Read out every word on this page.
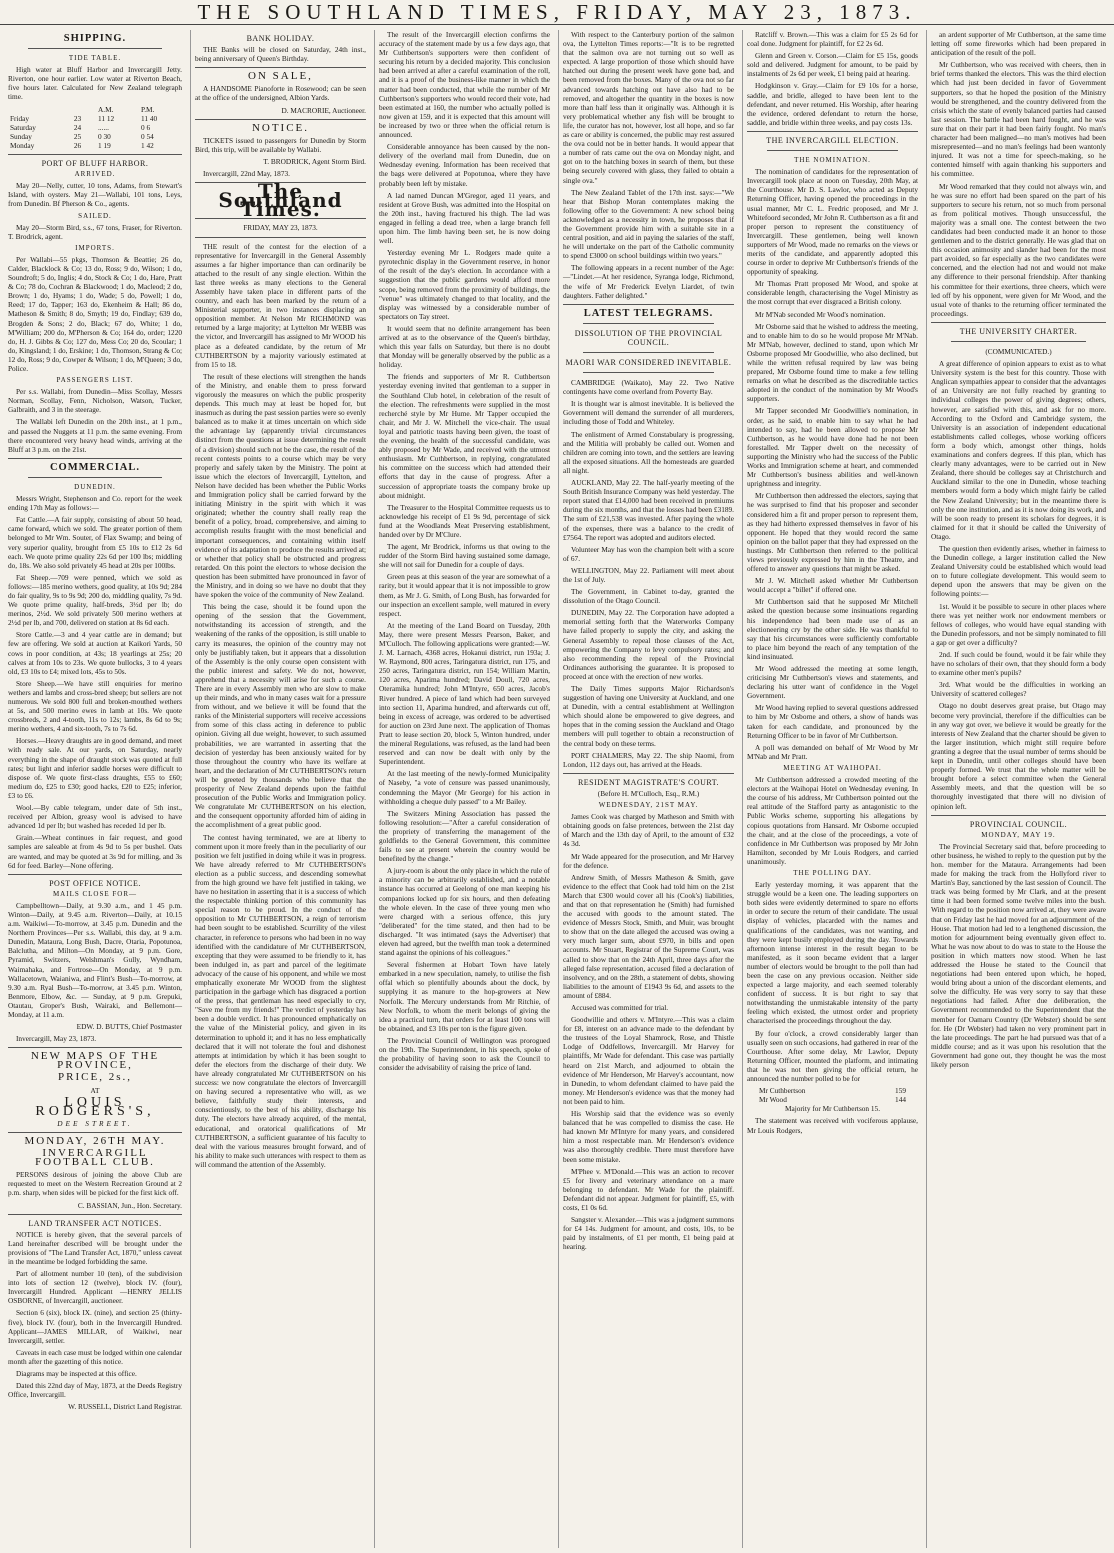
THE SOUTHLAND TIMES, FRIDAY, MAY 23, 1873.
SHIPPING.
TIDE TABLE.

High water at Bluff Harbor and Invercargill Jetty. Riverton, one hour earlier. Low water at Riverton Beach, five hours later. Calculated for New Zealand telegraph time.

		A.M.	P.M.
Friday	23	11 12	11 40
Saturday	24	......	0 6
Sunday	25	0 30	0 54
Monday	26	1 19	1 42
PORT OF BLUFF HARBOR.
ARRIVED.

May 20—Nelly, cutter, 10 tons, Adams, from Stewart's Island, with oysters. May 21—Wallabi, 101 tons, Leys, from Dunedin. Bf Pherson & Co., agents.

SAILED.

May 20—Storm Bird, s.s., 67 tons, Fraser, for Riverton. T. Brodrick, agent.

IMPORTS.

Per Wallabi—55 pkgs, Thomson & Beattie; 26 do, Calder, Blacklock & Co; 13 do, Ross; 9 do, Wilson; 1 do, Soundroft; 5 do, Inglis; 4 do, Stock & Co; 1 do, Hare, Pratt & Co; 78 do, Cochran & Blackwood; 1 do, Macleod; 2 do, Brown; 1 do, Hyams; 1 do, Wade; 5 do, Powell; 1 do, Reed; 17 do, Tapper; 163 do, Ekenheim & Hall; 86 do, Matheson & Smith; 8 do, Smyth; 19 do, Findlay; 639 do, Brogden & Sons; 2 do, Black; 67 do, White; 1 do, M'William; 200 do, M'Pherson & Co; 164 do, order; 1220 do, H. J. Gibbs & Co; 127 do, Mess Co; 20 do, Scoular; 1 do, Kingsland; 1 do, Erskine; 1 do, Thomson, Strang & Co; 12 do, Ross; 9 do, Cowper & Wilson; 1 do, M'Queen; 3 do, Police.

PASSENGERS LIST.

Per s.s. Wallabi, from Dunedin—Miss Scollay, Messrs Norman, Scollay, Fenn, Nicholson, Watson, Tucker, Galbraith, and 3 in the steerage.

The Wallabi left Dunedin on the 20th inst., at 1 p.m., and passed the Nuggets at 11 p.m. the same evening. From there encountered very heavy head winds, arriving at the Bluff at 3 p.m. on the 21st.

COMMERCIAL.
DUNEDIN.

Messrs Wright, Stephenson and Co. report for the week ending 17th May as follows:—

Fat Cattle.—A fair supply, consisting of about 50 head, came forward, which we sold. The greater portion of them belonged to Mr Wm. Souter, of Flax Swamp; and being of very superior quality, brought from £5 10s to £12 2s 6d each. We quote prime quality 22s 6d per 100 lbs; middling do, 18s. We also sold privately 45 head at 20s per 100lbs.

Fat Sheep.—709 were penned, which we sold as follows:—185 merino wethers, good quality, at 10s 9d; 284 do fair quality, 9s to 9s 9d; 200 do, middling quality, 7s 9d. We quote prime quality, half-breds, 3½d per lb; do merinos, 2½d. We sold privately 500 merino wethers at 2½d per lb, and 700, delivered on station at 8s 6d each.

Store Cattle.—3 and 4 year cattle are in demand; but few are offering. We sold at auction at Kaikori Yards, 50 cows in poor condition, at 43s; 18 yearlings at 25s; 20 calves at from 10s to 23s. We quote bullocks, 3 to 4 years old, £3 10s to £4; mixed lots, 45s to 50s.

Store Sheep.—We have still enquiries for merino wethers and lambs and cross-bred sheep; but sellers are not numerous. We sold 800 full and broken-mouthed wethers at 5s, and 500 merino ewes in lamb at 10s. We quote crossbreds, 2 and 4-tooth, 11s to 12s; lambs, 8s 6d to 9s; merino wethers, 4 and six-tooth, 7s to 7s 6d.

Horses.—Heavy draughts are in good demand, and meet with ready sale. At our yards, on Saturday, nearly everything in the shape of draught stock was quoted at full rates; but light and inferior saddle horses were difficult to dispose of. We quote first-class draughts, £55 to £60; medium do, £25 to £30; good hacks, £20 to £25; inferior, £3 to £6.

Wool.—By cable telegram, under date of 5th inst., received per Albion, greasy wool is advised to have advanced 1d per lb; but washed has receded 1d per lb.

Grain.—Wheat continues in fair request, and good samples are saleable at from 4s 9d to 5s per bushel. Oats are wanted, and may be quoted at 3s 9d for milling, and 3s 6d for feed. Barley—None offering.

POST OFFICE NOTICE.
MAILS CLOSE FOR—

Campbelltown—Daily, at 9.30 a.m., and 1 45 p.m. Winton—Daily, at 9.45 a.m. Riverton—Daily, at 10.15 a.m. Waikiwi—To-morrow, at 3.45 p.m. Dunedin and the Northern Provinces—Per s.s. Wallabi, this day, at 9 a.m. Dunedin, Mataura, Long Bush, Dacre, Otaria, Popotunoa, Balclutha, and Milton—On Monday, at 9 p.m. Gore, Pyramid, Switzers, Welshman's Gully, Wyndham, Waimahaka, and Fortrose—On Monday, at 9 p.m. Wallacetown, Waianiwa, and Flint's Bush—To-morrow, at 9.30 a.m. Ryal Bush—To-morrow, at 3.45 p.m. Winton, Benmore, Elbow, &c. — Sunday, at 9 p.m. Grepuki, Otautau, Groper's Bush, Wairaki, and Bellemont—Monday, at 11 a.m.

EDW. D. BUTTS, Chief Postmaster

Invercargill, May 23, 1873.

NEW MAPS OF THE PROVINCE,

PRICE, 2s.,

AT

LOUIS RODGERS'S,

DEE STREET.

MONDAY, 26TH MAY.

INVERCARGILL FOOTBALL CLUB.

PERSONS desirous of joining the above Club are requested to meet on the Western Recreation Ground at 2 p.m. sharp, when sides will be picked for the first kick off.

C. BASSIAN, Jun., Hon. Secretary.

LAND TRANSFER ACT NOTICES.

NOTICE is hereby given, that the several parcels of Land hereinafter described will be brought under the provisions of "The Land Transfer Act, 1870," unless caveat in the meantime be lodged forbidding the same.

Part of allotment number 10 (ten), of the subdivision into lots of section 12 (twelve), block IV. (four), Invercargill Hundred. Applicant —HENRY JELLIS OSBORNE, of Invercargill, auctioneer.

Section 6 (six), block IX. (nine), and section 25 (thirty-five), block IV. (four), both in the Invercargill Hundred. Applicant—JAMES MILLAR, of Waikiwi, near Invercargill, settler.

Caveats in each case must be lodged within one calendar month after the gazetting of this notice.

Diagrams may be inspected at this office.

Dated this 22nd day of May, 1873, at the Deeds Registry Office, Invercargill.

W. RUSSELL, District Land Registrar.

BANK HOLIDAY.

THE Banks will be closed on Saturday, 24th inst., being anniversary of Queen's Birthday.

ON SALE,

A HANDSOME Pianoforte in Rosewood; can be seen at the office of the undersigned, Albion Yards.

D. MACRORIE, Auctioneer.

NOTICE.

TICKETS issued to passengers for Dunedin by Storm Bird, this trip, will be available by Wallabi.

T. BRODRICK, Agent Storm Bird.

Invercargill, 22nd May, 1873.

The Southland Times.

FRIDAY, MAY 23, 1873.

THE result of the contest for the election of a representative for Invercargill in the General Assembly assumes a far higher importance than can ordinarily be attached to the result of any single election. Within the last three weeks as many elections to the General Assembly have taken place in different parts of the country, and each has been marked by the return of a Ministerial supporter, in two instances displacing an opposition member. At Nelson Mr RICHMOND was returned by a large majority; at Lyttelton Mr WEBB was the victor, and Invercargill has assigned to Mr WOOD his place as a defeated candidate, by the return of Mr CUTHBERTSON by a majority variously estimated at from 15 to 18.

The result of these elections will strengthen the hands of the Ministry, and enable them to press forward vigorously the measures on which the public prosperity depends. This much may at least be hoped for, but inasmuch as during the past session parties were so evenly balanced as to make it at times uncertain on which side the advantage lay (apparently trivial circumstances distinct from the questions at issue determining the result of a division) should such not be the case, the result of the recent contests points to a course which may be very properly and safely taken by the Ministry. The point at issue which the electors of Invercargill, Lyttelton, and Nelson have decided has been whether the Public Works and Immigration policy shall be carried forward by the initiating Ministry in the spirit with which it was originated; whether the country shall really reap the benefit of a policy, broad, comprehensive, and aiming to accomplish results fraught with the most beneficial and important consequences, and containing within itself evidence of its adaptation to produce the results arrived at; or whether that policy shall be obstructed and progress retarded. On this point the electors to whose decision the question has been submitted have pronounced in favor of the Ministry, and in doing so we have no doubt that they have spoken the voice of the community of New Zealand.

This being the case, should it be found upon the opening of the session that the Government, notwithstanding its accession of strength, and the weakening of the ranks of the opposition, is still unable to carry its measures, the opinion of the country may not only be justifiably taken, but it appears that a dissolution of the Assembly is the only course open consistent with the public interest and safety. We do not, however, apprehend that a necessity will arise for such a course. There are in every Assembly men who are slow to make up their minds, and who in many cases wait for a pressure from without, and we believe it will be found that the ranks of the Ministerial supporters will receive accessions from some of this class acting in deference to public opinion. Giving all due weight, however, to such assumed probabilities, we are warranted in asserting that the decision of yesterday has been anxiously waited for by those throughout the country who have its welfare at heart, and the declaration of Mr CUTHBERTSON's return will be greeted by thousands who believe that the prosperity of New Zealand depends upon the faithful prosecution of the Public Works and Immigration policy. We congratulate Mr CUTHBERTSON on his election, and the consequent opportunity afforded him of aiding in the accomplishment of a great public good.

The contest having terminated, we are at liberty to comment upon it more freely than in the peculiarity of our position we felt justified in doing while it was in progress. We have already referred to Mr CUTHBERTSON's election as a public success, and descending somewhat from the high ground we have felt justified in taking, we have no hesitation in asserting that it is a success of which the respectable thinking portion of this community has special reason to be proud. In the conduct of the opposition to Mr CUTHBERTSON, a reign of terrorism had been sought to be established. Scurrility of the vilest character, in reference to persons who had been in no way identified with the candidature of Mr CUTHBERTSON, excepting that they were assumed to be friendly to it, has been indulged in, as part and parcel of the legitimate advocacy of the cause of his opponent, and while we most emphatically exonerate Mr WOOD from the slightest participation in the garbage which has disgraced a portion of the press, that gentleman has need especially to cry, "Save me from my friends!" The verdict of yesterday has been a double verdict. It has pronounced emphatically on the value of the Ministerial policy, and given in its determination to uphold it; and it has no less emphatically declared that it will not tolerate the foul and dishonest attempts at intimidation by which it has been sought to defer the electors from the discharge of their duty. We have already congratulated Mr CUTHBERTSON on his success: we now congratulate the electors of Invercargill on having secured a representative who will, as we believe, faithfully study their interests, and conscientiously, to the best of his ability, discharge his duty. The electors have already acquired, of the mental, educational, and oratorical qualifications of Mr CUTHBERTSON, a sufficient guarantee of his faculty to deal with the various measures brought forward, and of his ability to make such utterances with respect to them as will command the attention of the Assembly.

The result of the Invercargill election confirms the accuracy of the statement made by us a few days ago, that Mr Cuthbertson's supporters were then confident of securing his return by a decided majority. This conclusion had been arrived at after a careful examination of the roll, and it is a proof of the business-like manner in which the matter had been conducted, that while the number of Mr Cuthbertson's supporters who would record their vote, had been estimated at 160, the number who actually polled is now given at 159, and it is expected that this amount will be increased by two or three when the official return is announced.

Considerable annoyance has been caused by the non-delivery of the overland mail from Dunedin, due on Wednesday evening. Information has been received that the bags were delivered at Popotunoa, where they have probably been left by mistake.

A lad named Duncan M'Gregor, aged 11 years, and resident at Grove Bush, was admitted into the Hospital on the 20th inst., having fractured his thigh. The lad was engaged in felling a dead tree, when a large branch fell upon him. The limb having been set, he is now doing well.

Yesterday evening Mr L. Rodgers made quite a pyrotechnic display in the Government reserve, in honor of the result of the day's election. In accordance with a suggestion that the public gardens would afford more scope, being removed from the proximity of buildings, the "venue" was ultimately changed to that locality, and the display was witnessed by a considerable number of spectators on Tay street.

It would seem that no definite arrangement has been arrived at as to the observance of the Queen's birthday, which this year falls on Saturday, but there is no doubt that Monday will be generally observed by the public as a holiday.

The friends and supporters of Mr R. Cuthbertson yesterday evening invited that gentleman to a supper in the Southland Club hotel, in celebration of the result of the election. The refreshments were supplied in the most recherché style by Mr Hume. Mr Tapper occupied the chair, and Mr J. W. Mitchell the vice-chair. The usual loyal and patriotic toasts having been given, the toast of the evening, the health of the successful candidate, was ably proposed by Mr Wade, and received with the utmost enthusiasm. Mr Cuthbertson, in replying, congratulated his committee on the success which had attended their efforts that day in the cause of progress. After a succession of appropriate toasts the company broke up about midnight.

The Treasurer to the Hospital Committee requests us to acknowledge his receipt of £1 9s 9d, percentage of sick fund at the Woodlands Meat Preserving establishment, handed over by Dr M'Clure.

The agent, Mr Brodrick, informs us that owing to the rudder of the Storm Bird having sustained some damage, she will not sail for Dunedin for a couple of days.

Green peas at this season of the year are somewhat of a rarity, but it would appear that it is not impossible to grow them, as Mr J. G. Smith, of Long Bush, has forwarded for our inspection an excellent sample, well matured in every respect.

At the meeting of the Land Board on Tuesday, 20th May, there were present Messrs Pearson, Baker, and M'Culloch. The following applications were granted:—W. J. M. Larnach, 4368 acres, Hokanui district, run 193a; J. W. Raymond, 800 acres, Taringatura district, run 175, and 250 acres, Taringatura district, run 154; William Martin, 120 acres, Aparima hundred; David Doull, 720 acres, Oteramika hundred; John M'Intyre, 650 acres, Jacob's River hundred. A piece of land which had been surveyed into section 11, Aparima hundred, and afterwards cut off, being in excess of acreage, was ordered to be advertised for auction on 23rd June next. The application of Thomas Pratt to lease section 20, block 5, Winton hundred, under the mineral Regulations, was refused, as the land had been reserved and can now be dealt with only by the Superintendent.

At the last meeting of the newly-formed Municipality of Naseby, "a vote of censure was passed unanimously, condemning the Mayor (Mr George) for his action in withholding a cheque duly passed" to a Mr Bailey.

The Switzers Mining Association has passed the following resolution:—"After a careful consideration of the propriety of transferring the management of the goldfields to the General Government, this committee fails to see at present wherein the country would be benefited by the change."

A jury-room is about the only place in which the rule of a minority can be arbitrarily established, and a notable instance has occurred at Geelong of one man keeping his companions locked up for six hours, and then defeating the whole eleven. In the case of three young men who were charged with a serious offence, this jury "deliberated" for the time stated, and then had to be discharged. "It was intimated (says the Advertiser) that eleven had agreed, but the twelfth man took a determined stand against the opinions of his colleagues."

Several fishermen at Hobart Town have lately embarked in a new speculation, namely, to utilise the fish offal which so plentifully abounds about the dock, by supplying it as manure to the hop-growers at New Norfolk. The Mercury understands from Mr Ritchie, of New Norfolk, to whom the merit belongs of giving the idea a practical turn, that orders for at least 100 tons will be obtained, and £3 10s per ton is the figure given.

The Provincial Council of Wellington was prorogued on the 19th. The Superintendent, in his speech, spoke of the probability of having soon to ask the Council to consider the advisability of raising the price of land.

With respect to the Canterbury portion of the salmon ova, the Lyttelton Times reports:—"It is to be regretted that the salmon ova are not turning out so well as expected. A large proportion of those which should have hatched out during the present week have gone bad, and been removed from the boxes. Many of the ova not so far advanced towards hatching out have also had to be removed, and altogether the quantity in the boxes is now more than half less than it originally was. Although it is very problematical whether any fish will be brought to life, the curator has not, however, lost all hope, and so far as care or ability is concerned, the public may rest assured the ova could not be in better hands. It would appear that a number of rats came out the ova on Monday night, and got on to the hatching boxes in search of them, but these being securely covered with glass, they failed to obtain a single ova."

The New Zealand Tablet of the 17th inst. says:—"We hear that Bishop Moran contemplates making the following offer to the Government: A new school being acknowledged as a necessity in town, he proposes that if the Government provide him with a suitable site in a central position, and aid in paying the salaries of the staff, he will undertake on the part of the Catholic community to spend £3000 on school buildings within two years."

The following appears in a recent number of the Age:—"Lindet.—At her residence, Syranga lodge, Richmond, the wife of Mr Frederick Evelyn Liardet, of twin daughters. Father delighted."

LATEST TELEGRAMS.
DISSOLUTION OF THE PROVINCIAL COUNCIL.
MAORI WAR CONSIDERED INEVITABLE.

CAMBRIDGE (Waikato), May 22. Two Native contingents have come overland from Poverty Bay.

It is thought war is almost inevitable. It is believed the Government will demand the surrender of all murderers, including those of Todd and Whiteley.

The enlistment of Armed Constabulary is progressing, and the Militia will probably be called out. Women and children are coming into town, and the settlers are leaving all the exposed situations. All the homesteads are guarded all night.

AUCKLAND, May 22. The half-yearly meeting of the South British Insurance Company was held yesterday. The report stated that £14,000 had been received in premiums during the six months, and that the losses had been £3189. The sum of £21,538 was invested. After paying the whole of the expenses, there was a balance to the credit of £7564. The report was adopted and auditors elected.

Volunteer May has won the champion belt with a score of 67.

WELLINGTON, May 22. Parliament will meet about the 1st of July.

The Government, in Cabinet to-day, granted the dissolution of the Otago Council.

DUNEDIN, May 22. The Corporation have adopted a memorial setting forth that the Waterworks Company have failed properly to supply the city, and asking the General Assembly to repeal those clauses of the Act, empowering the Company to levy compulsory rates; and also recommending the repeal of the Provincial Ordinances authorising the guarantee. It is proposed to proceed at once with the erection of new works.

The Daily Times supports Major Richardson's suggestion of having one University at Auckland, and one at Dunedin, with a central establishment at Wellington which should alone be empowered to give degrees, and hopes that in the coming session the Auckland and Otago members will pull together to obtain a reconstruction of the central body on these terms.

PORT CHALMERS, May 22. The ship Naomi, from London, 112 days out, has arrived at the Heads.

RESIDENT MAGISTRATE'S COURT.

(Before H. M'Culloch, Esq., R.M.)

WEDNESDAY, 21ST MAY.

James Cook was charged by Matheson and Smith with obtaining goods on false pretences, between the 21st day of March and the 13th day of April, to the amount of £32 4s 3d.

Mr Wade appeared for the prosecution, and Mr Harvey for the defence.

Andrew Smith, of Messrs Matheson & Smith, gave evidence to the effect that Cook had told him on the 21st March that £300 would cover all his (Cook's) liabilities, and that on that representation he (Smith) had furnished the accused with goods to the amount stated. The evidence of Messrs Stock, Smith, and Muir, was brought to show that on the date alleged the accused was owing a very much larger sum, about £970, in bills and open accounts. Mr Stuart, Registrar of the Supreme Court, was called to show that on the 24th April, three days after the alleged false representation, accused filed a declaration of insolvency, and on the 28th, a statement of debts, showing liabilities to the amount of £1943 9s 6d, and assets to the amount of £884.

Accused was committed for trial.

Goodwillie and others v. M'Intyre.—This was a claim for £8, interest on an advance made to the defendant by the trustees of the Loyal Shamrock, Rose, and Thistle Lodge of Oddfellows, Invercargill. Mr Harvey for plaintiffs, Mr Wade for defendant. This case was partially heard on 21st March, and adjourned to obtain the evidence of Mr Henderson, Mr Harvey's accountant, now in Dunedin, to whom defendant claimed to have paid the money. Mr Henderson's evidence was that the money had not been paid to him.

His Worship said that the evidence was so evenly balanced that he was compelled to dismiss the case. He had known Mr M'Intyre for many years, and considered him a most respectable man. Mr Henderson's evidence was also thoroughly credible. There must therefore have been some mistake.

M'Phee v. M'Donald.—This was an action to recover £5 for livery and veterinary attendance on a mare belonging to defendant. Mr Wade for the plaintiff. Defendant did not appear. Judgment for plaintiff, £5, with costs, £1 0s 6d.

Sangster v. Alexander.—This was a judgment summons for £4 14s. Judgment for amount, and costs, 10s, to be paid by instalments, of £1 per month, £1 being paid at hearing.

Ratcliff v. Brown.—This was a claim for £5 2s 6d for coal done. Judgment for plaintiff, for £2 2s 6d.

Glenn and Green v. Corson.—Claim for £5 15s, goods sold and delivered. Judgment for amount, to be paid by instalments of 2s 6d per week, £1 being paid at hearing.

Hodgkinson v. Gray.—Claim for £9 10s for a horse, saddle, and bridle, alleged to have been lent to the defendant, and never returned. His Worship, after hearing the evidence, ordered defendant to return the horse, saddle, and bridle within three weeks, and pay costs 13s.

THE INVERCARGILL ELECTION.
THE NOMINATION.

The nomination of candidates for the representation of Invercargill took place at noon on Tuesday, 20th May, at the Courthouse. Mr D. S. Lawlor, who acted as Deputy Returning Officer, having opened the proceedings in the usual manner, Mr C. L. Fredric proposed, and Mr J. Whitefoord seconded, Mr John R. Cuthbertson as a fit and proper person to represent the constituency of Invercargill. These gentlemen, being well known supporters of Mr Wood, made no remarks on the views or merits of the candidate, and apparently adopted this course in order to deprive Mr Cuthbertson's friends of the opportunity of speaking.

Mr Thomas Pratt proposed Mr Wood, and spoke at considerable length, characterising the Vogel Ministry as the most corrupt that ever disgraced a British colony.

Mr M'Nab seconded Mr Wood's nomination.

Mr Osborne said that he wished to address the meeting, and to enable him to do so he would propose Mr M'Nab. Mr M'Nab, however, declined to stand, upon which Mr Osborne proposed Mr Goodwillie, who also declined, but while the written refusal required by law was being prepared, Mr Osborne found time to make a few telling remarks on what he described as the discreditable tactics adopted in the conduct of the nomination by Mr Wood's supporters.

Mr Tapper seconded Mr Goodwillie's nomination, in order, as he said, to enable him to say what he had intended to say, had he been allowed to propose Mr Cuthbertson, as he would have done had he not been forestalled. Mr Tapper dwelt on the necessity of supporting the Ministry who had the success of the Public Works and Immigration scheme at heart, and commended Mr Cuthbertson's business abilities and well-known uprightness and integrity.

Mr Cuthbertson then addressed the electors, saying that he was surprised to find that his proposer and seconder considered him a fit and proper person to represent them, as they had hitherto expressed themselves in favor of his opponent. He hoped that they would record the same opinion on the ballot paper that they had expressed on the hustings. Mr Cuthbertson then referred to the political views previously expressed by him in the Theatre, and offered to answer any questions that might be asked.

Mr J. W. Mitchell asked whether Mr Cuthbertson would accept a "billet" if offered one.

Mr Cuthbertson said that he supposed Mr Mitchell asked the question because some insinuations regarding his independence had been made use of as an electioneering cry by the other side. He was thankful to say that his circumstances were sufficiently comfortable to place him beyond the reach of any temptation of the kind insinuated.

Mr Wood addressed the meeting at some length, criticising Mr Cuthbertson's views and statements, and declaring his utter want of confidence in the Vogel Government.

Mr Wood having replied to several questions addressed to him by Mr Osborne and others, a show of hands was taken for each candidate, and pronounced by the Returning Officer to be in favor of Mr Cuthbertson.

A poll was demanded on behalf of Mr Wood by Mr M'Nab and Mr Pratt.

MEETING AT WAIHOPAI.

Mr Cuthbertson addressed a crowded meeting of the electors at the Waihopai Hotel on Wednesday evening. In the course of his address, Mr Cuthbertson pointed out the real attitude of the Stafford party as antagonistic to the Public Works scheme, supporting his allegations by copious quotations from Hansard. Mr Osborne occupied the chair, and at the close of the proceedings, a vote of confidence in Mr Cuthbertson was proposed by Mr John Hamilton, seconded by Mr Louis Rodgers, and carried unanimously.

THE POLLING DAY.

Early yesterday morning, it was apparent that the struggle would be a keen one. The leading supporters on both sides were evidently determined to spare no efforts in order to secure the return of their candidate. The usual display of vehicles, placarded with the names and qualifications of the candidates, was not wanting, and they were kept busily employed during the day. Towards afternoon intense interest in the result began to be manifested, as it soon became evident that a larger number of electors would be brought to the poll than had been the case on any previous occasion. Neither side expected a large majority, and each seemed tolerably confident of success. It is but right to say that notwithstanding the unmistakable intensity of the party feeling which existed, the utmost order and propriety characterised the proceedings throughout the day.

By four o'clock, a crowd considerably larger than usually seen on such occasions, had gathered in rear of the Courthouse. After some delay, Mr Lawlor, Deputy Returning Officer, mounted the platform, and intimating that he was not then giving the official return, he announced the number polled to be for

Mr Cuthbertson	159
Mr Wood	144

Majority for Mr Cuthbertson 15.

The statement was received with vociferous applause, Mr Louis Rodgers,

an ardent supporter of Mr Cuthbertson, at the same time letting off some fireworks which had been prepared in anticipation of the result of the poll.

Mr Cuthbertson, who was received with cheers, then in brief terms thanked the electors. This was the third election which had just been decided in favor of Government supporters, so that he hoped the position of the Ministry would be strengthened, and the country delivered from the crisis which the state of evenly balanced parties had caused last session. The battle had been hard fought, and he was sure that on their part it had been fairly fought. No man's character had been maligned—no man's motives had been misrepresented—and no man's feelings had been wantonly injured. It was not a time for speech-making, so he contented himself with again thanking his supporters and his committee.

Mr Wood remarked that they could not always win, and he was sure no effort had been spared on the part of his supporters to secure his return, not so much from personal as from political motives. Though unsuccessful, the majority was a small one. The contest between the two candidates had been conducted made it an honor to those gentlemen and to the district generally. He was glad that on this occasion animosity and slander had been for the most part avoided, so far especially as the two candidates were concerned, and the election had not and would not make any difference to their personal friendship. After thanking his committee for their exertions, three cheers, which were led off by his opponent, were given for Mr Wood, and the usual vote of thanks to the returning officer terminated the proceedings.

THE UNIVERSITY CHARTER.

(COMMUNICATED.)

A great difference of opinion appears to exist as to what University system is the best for this country. Those with Anglican sympathies appear to consider that the advantages of an University are not fully reached by granting to individual colleges the power of giving degrees; others, however, are satisfied with this, and ask for no more. According to the Oxford and Cambridge system, the University is an association of independent educational establishments called colleges, whose working officers form a body which, amongst other things, holds examinations and confers degrees. If this plan, which has clearly many advantages, were to be carried out in New Zealand, there should be colleges say at Christchurch and Auckland similar to the one in Dunedin, whose teaching members would form a body which might fairly be called the New Zealand University; but in the meantime there is only the one institution, and as it is now doing its work, and will be soon ready to present its scholars for degrees, it is claimed for it that it should be called the University of Otago.

The question then evidently arises, whether in fairness to the Dunedin college, a larger institution called the New Zealand University could be established which would lead on to future collegiate development. This would seem to depend upon the answers that may be given on the following points:—

1st. Would it be possible to secure in other places where there was yet neither work nor endowment members or fellows of colleges, who would have equal standing with the Dunedin professors, and not be simply nominated to fill a gap or get over a difficulty?

2nd. If such could be found, would it be fair while they have no scholars of their own, that they should form a body to examine other men's pupils?

3rd. What would be the difficulties in working an University of scattered colleges?

Otago no doubt deserves great praise, but Otago may become very provincial, therefore if the difficulties can be in any way got over, we believe it would be greatly for the interests of New Zealand that the charter should be given to the larger institution, which might still require before granting a degree that the usual number of terms should be kept in Dunedin, until other colleges should have been properly formed. We trust that the whole matter will be brought before a select committee when the General Assembly meets, and that the question will be so thoroughly investigated that there will no division of opinion left.

PROVINCIAL COUNCIL.
MONDAY, MAY 19.

The Provincial Secretary said that, before proceeding to other business, he wished to reply to the question put by the hon. member for the Mataura. Arrangements had been made for making the track from the Hollyford river to Martin's Bay, sanctioned by the last session of Council. The track was being formed by Mr Clark, and at the present time it had been formed some twelve miles into the bush. With regard to the position now arrived at, they were aware that on Friday last he had moved for an adjournment of the House. That motion had led to a lengthened discussion, the motion for adjournment being eventually given effect to. What he was now about to do was to state to the House the position in which matters now stood. When he last addressed the House he stated to the Council that negotiations had been entered upon which, he hoped, would bring about a union of the discordant elements, and solve the difficulty. He was very sorry to say that these negotiations had failed. After due deliberation, the Government recommended to the Superintendent that the member for Oamaru Country (Dr Webster) should be sent for. He (Dr Webster) had taken no very prominent part in the late proceedings. The part he had pursued was that of a middle course; and as it was upon his resolution that the Government had gone out, they thought he was the most likely person
